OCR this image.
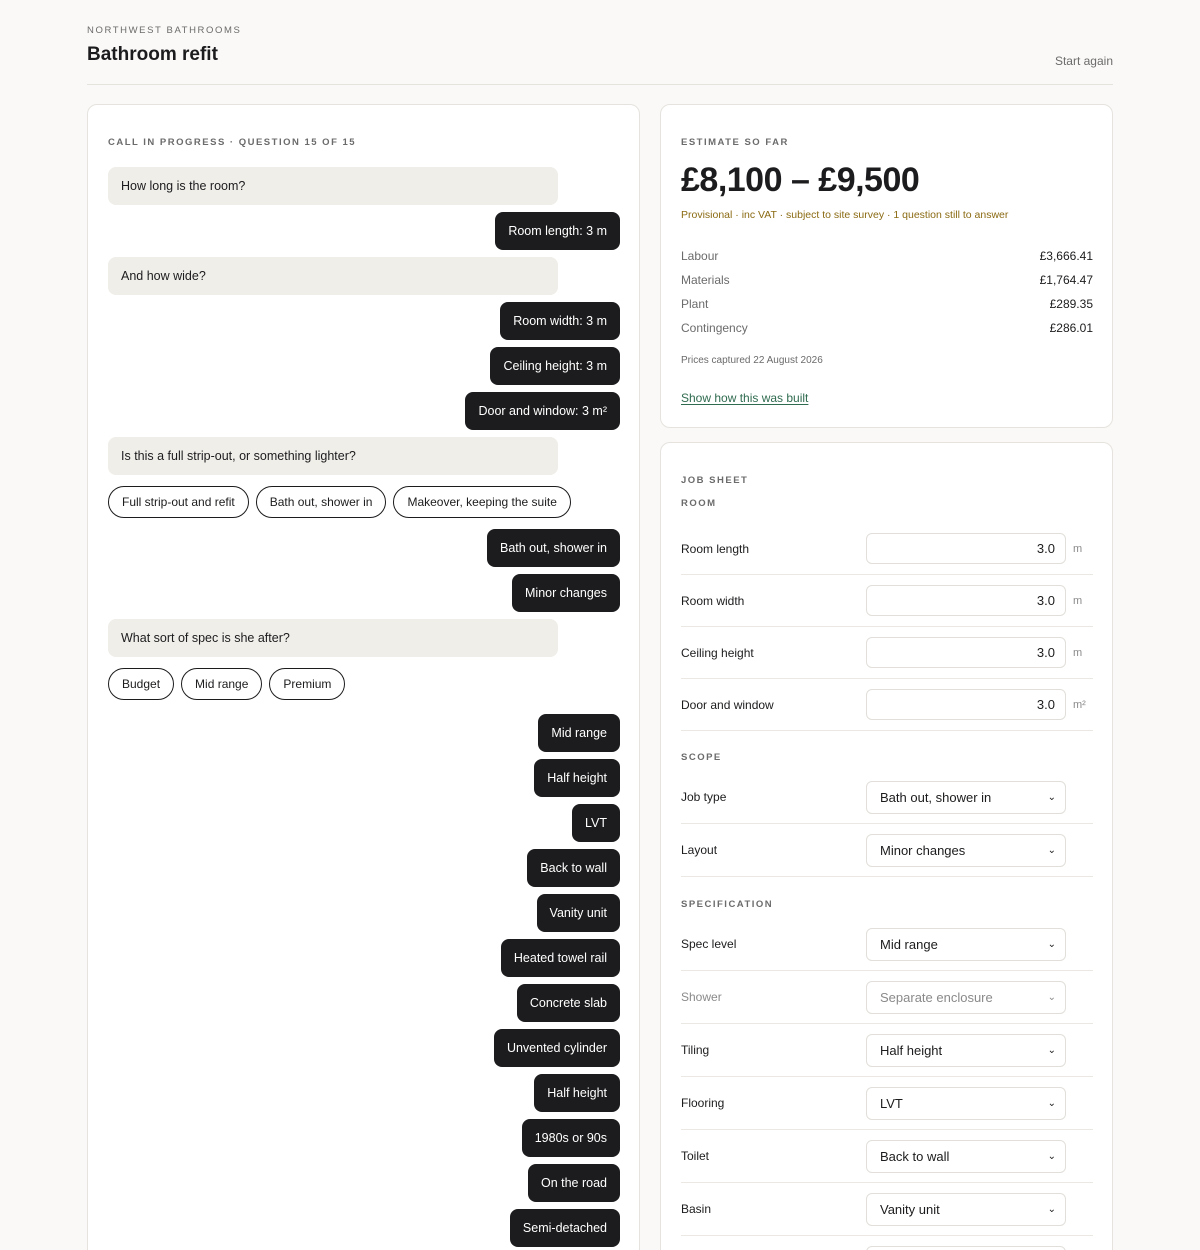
NORTHWEST BATHROOMS
Bathroom refit	Start again
CALL IN PROGRESS · QUESTION 15 OF 15
How long is the room?
Room length: 3 m
And how wide?
Room width: 3 m
Ceiling height: 3 m
Door and window: 3 m²
Is this a full strip-out, or something lighter?
Full strip-out and refit	Bath out, shower in	Makeover, keeping the suite
Bath out, shower in
Minor changes
What sort of spec is she after?
Budget	Mid range	Premium
Mid range
Half height
LVT
Back to wall
Vanity unit
Heated towel rail
Concrete slab
Unvented cylinder
Half height
1980s or 90s
On the road
Semi-detached
ESTIMATE SO FAR
£8,100 – £9,500
Provisional · inc VAT · subject to site survey · 1 question still to answer
Labour	£3,666.41
Materials	£1,764.47
Plant	£289.35
Contingency	£286.01
Prices captured 22 August 2026
Show how this was built
JOB SHEET
ROOM
Room length	3.0	m
Room width	3.0	m
Ceiling height	3.0	m
Door and window	3.0	m²
SCOPE
Job type	Bath out, shower in	⌄
Layout	Minor changes	⌄
SPECIFICATION
Spec level	Mid range	⌄
Shower	Separate enclosure	⌄
Tiling	Half height	⌄
Flooring	LVT	⌄
Toilet	Back to wall	⌄
Basin	Vanity unit	⌄
